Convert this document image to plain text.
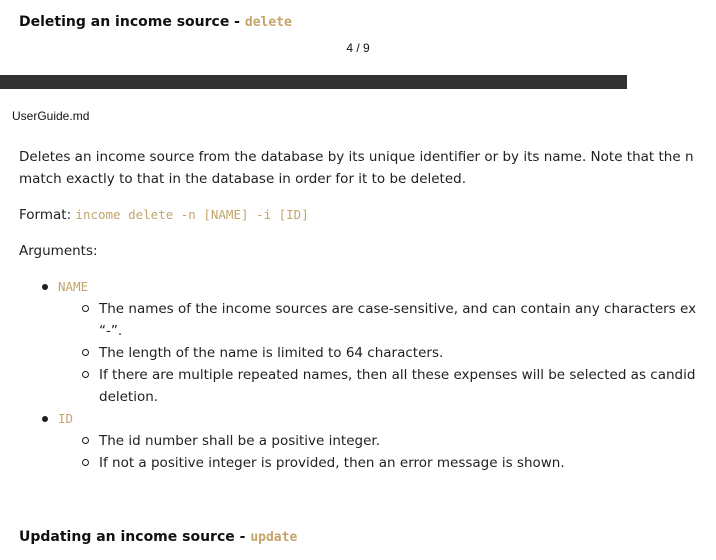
Deleting an income source - delete
4 / 9
UserGuide.md

Deletes an income source from the database by its unique identifier or by its name. Note that the n
match exactly to that in the database in order for it to be deleted.

Format: income delete -n [NAME] -i [ID]

Arguments:

NAME
The names of the income sources are case-sensitive, and can contain any characters ex
“-”.
The length of the name is limited to 64 characters.
If there are multiple repeated names, then all these expenses will be selected as candid
deletion.
ID
The id number shall be a positive integer.
If not a positive integer is provided, then an error message is shown.
Updating an income source - update
